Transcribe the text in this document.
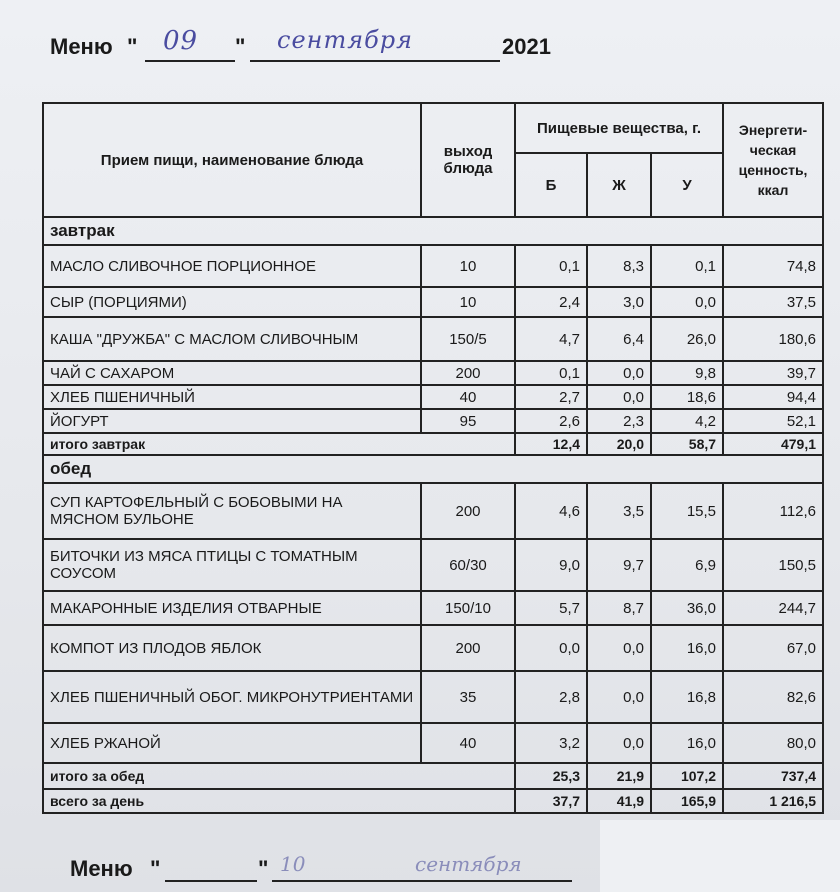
Меню " 09 " сентября	2021
Прием пищи, наименование блюда	выход блюда	Пищевые вещества, г.			Энергети-ческая ценность, ккал
		Б	Ж	У	
завтрак					
МАСЛО СЛИВОЧНОЕ ПОРЦИОННОЕ	10	0,1	8,3	0,1	74,8
СЫР (ПОРЦИЯМИ)	10	2,4	3,0	0,0	37,5
КАША "ДРУЖБА" С МАСЛОМ СЛИВОЧНЫМ	150/5	4,7	6,4	26,0	180,6
ЧАЙ С САХАРОМ	200	0,1	0,0	9,8	39,7
ХЛЕБ ПШЕНИЧНЫЙ	40	2,7	0,0	18,6	94,4
ЙОГУРТ	95	2,6	2,3	4,2	52,1
итого завтрак		12,4	20,0	58,7	479,1
обед					
СУП КАРТОФЕЛЬНЫЙ С БОБОВЫМИ НА МЯСНОМ БУЛЬОНЕ	200	4,6	3,5	15,5	112,6
БИТОЧКИ ИЗ МЯСА ПТИЦЫ С ТОМАТНЫМ СОУСОМ	60/30	9,0	9,7	6,9	150,5
МАКАРОННЫЕ ИЗДЕЛИЯ ОТВАРНЫЕ	150/10	5,7	8,7	36,0	244,7
КОМПОТ ИЗ ПЛОДОВ ЯБЛОК	200	0,0	0,0	16,0	67,0
ХЛЕБ ПШЕНИЧНЫЙ ОБОГ. МИКРОНУТРИЕНТАМИ	35	2,8	0,0	16,8	82,6
ХЛЕБ РЖАНОЙ	40	3,2	0,0	16,0	80,0
итого за обед		25,3	21,9	107,2	737,4
всего за день		37,7	41,9	165,9	1 216,5
Меню "	" 10	сентября
